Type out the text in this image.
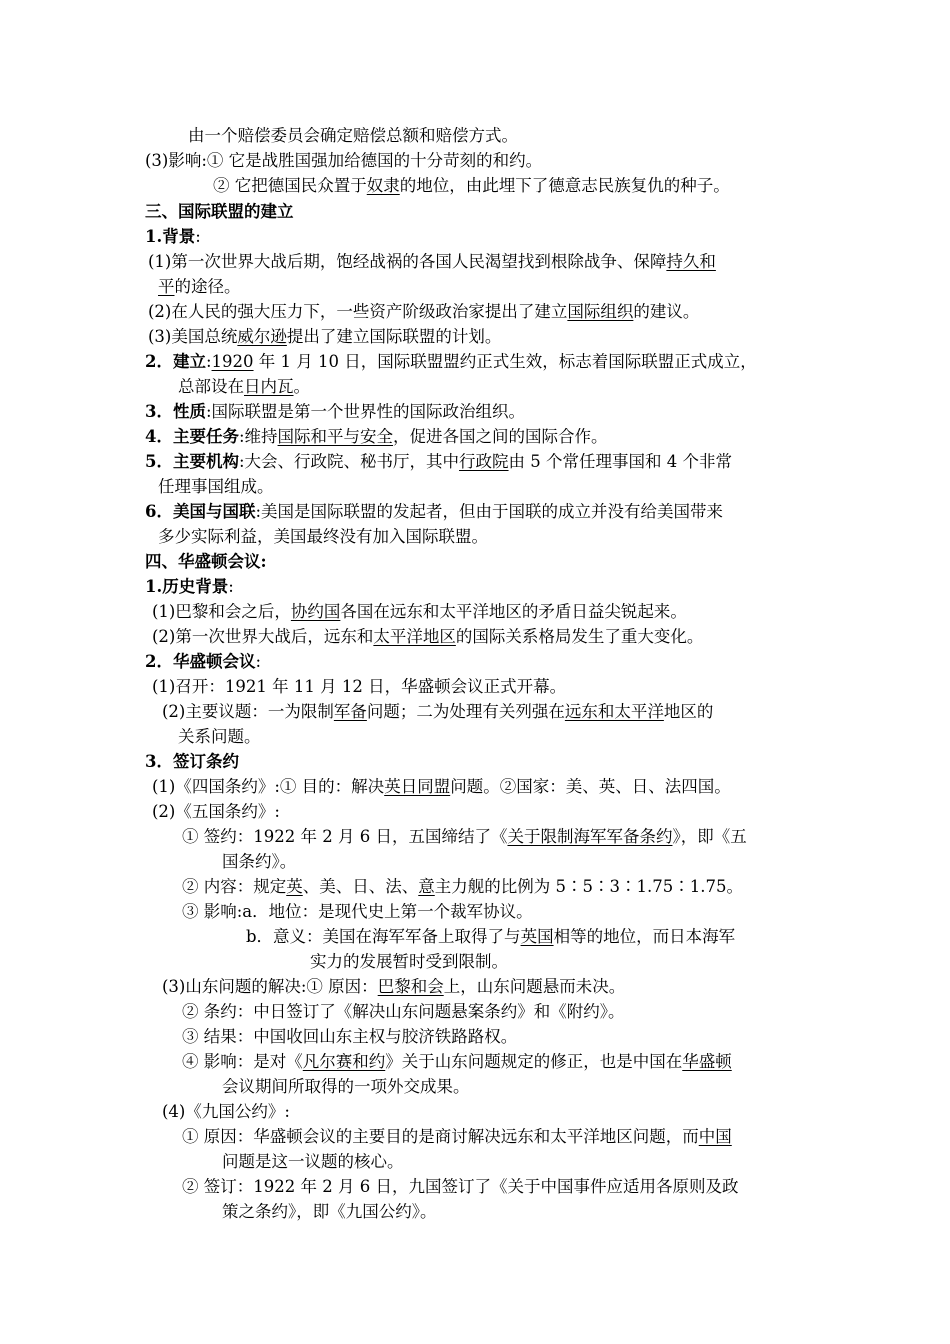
由一个赔偿委员会确定赔偿总额和赔偿方式。
(3)影响:① 它是战胜国强加给德国的十分苛刻的和约。
② 它把德国民众置于奴隶的地位，由此埋下了德意志民族复仇的种子。
三、国际联盟的建立
1.背景:
(1)第一次世界大战后期，饱经战祸的各国人民渴望找到根除战争、保障持久和
平的途径。
(2)在人民的强大压力下，一些资产阶级政治家提出了建立国际组织的建议。
(3)美国总统威尔逊提出了建立国际联盟的计划。
2．建立:1920 年 1 月 10 日，国际联盟盟约正式生效，标志着国际联盟正式成立，
总部设在日内瓦。
3．性质:国际联盟是第一个世界性的国际政治组织。
4．主要任务:维持国际和平与安全，促进各国之间的国际合作。
5．主要机构:大会、行政院、秘书厅，其中行政院由 5 个常任理事国和 4 个非常
任理事国组成。
6．美国与国联:美国是国际联盟的发起者，但由于国联的成立并没有给美国带来
多少实际利益，美国最终没有加入国际联盟。
四、华盛顿会议:
1.历史背景:
(1)巴黎和会之后，协约国各国在远东和太平洋地区的矛盾日益尖锐起来。
(2)第一次世界大战后，远东和太平洋地区的国际关系格局发生了重大变化。
2．华盛顿会议:
(1)召开：1921 年 11 月 12 日，华盛顿会议正式开幕。
(2)主要议题：一为限制军备问题；二为处理有关列强在远东和太平洋地区的
关系问题。
3．签订条约
(1)《四国条约》:① 目的：解决英日同盟问题。②国家：美、英、日、法四国。
(2)《五国条约》:
① 签约：1922 年 2 月 6 日，五国缔结了《关于限制海军军备条约》，即《五
国条约》。
② 内容：规定英、美、日、法、意主力舰的比例为 5∶5∶3∶1.75∶1.75。
③ 影响:a．地位：是现代史上第一个裁军协议。
b．意义：美国在海军军备上取得了与英国相等的地位，而日本海军
实力的发展暂时受到限制。
(3)山东问题的解决:① 原因：巴黎和会上，山东问题悬而未决。
② 条约：中日签订了《解决山东问题悬案条约》和《附约》。
③ 结果：中国收回山东主权与胶济铁路路权。
④ 影响：是对《凡尔赛和约》关于山东问题规定的修正，也是中国在华盛顿
会议期间所取得的一项外交成果。
(4)《九国公约》:
① 原因：华盛顿会议的主要目的是商讨解决远东和太平洋地区问题，而中国
问题是这一议题的核心。
② 签订：1922 年 2 月 6 日，九国签订了《关于中国事件应适用各原则及政
策之条约》，即《九国公约》。
